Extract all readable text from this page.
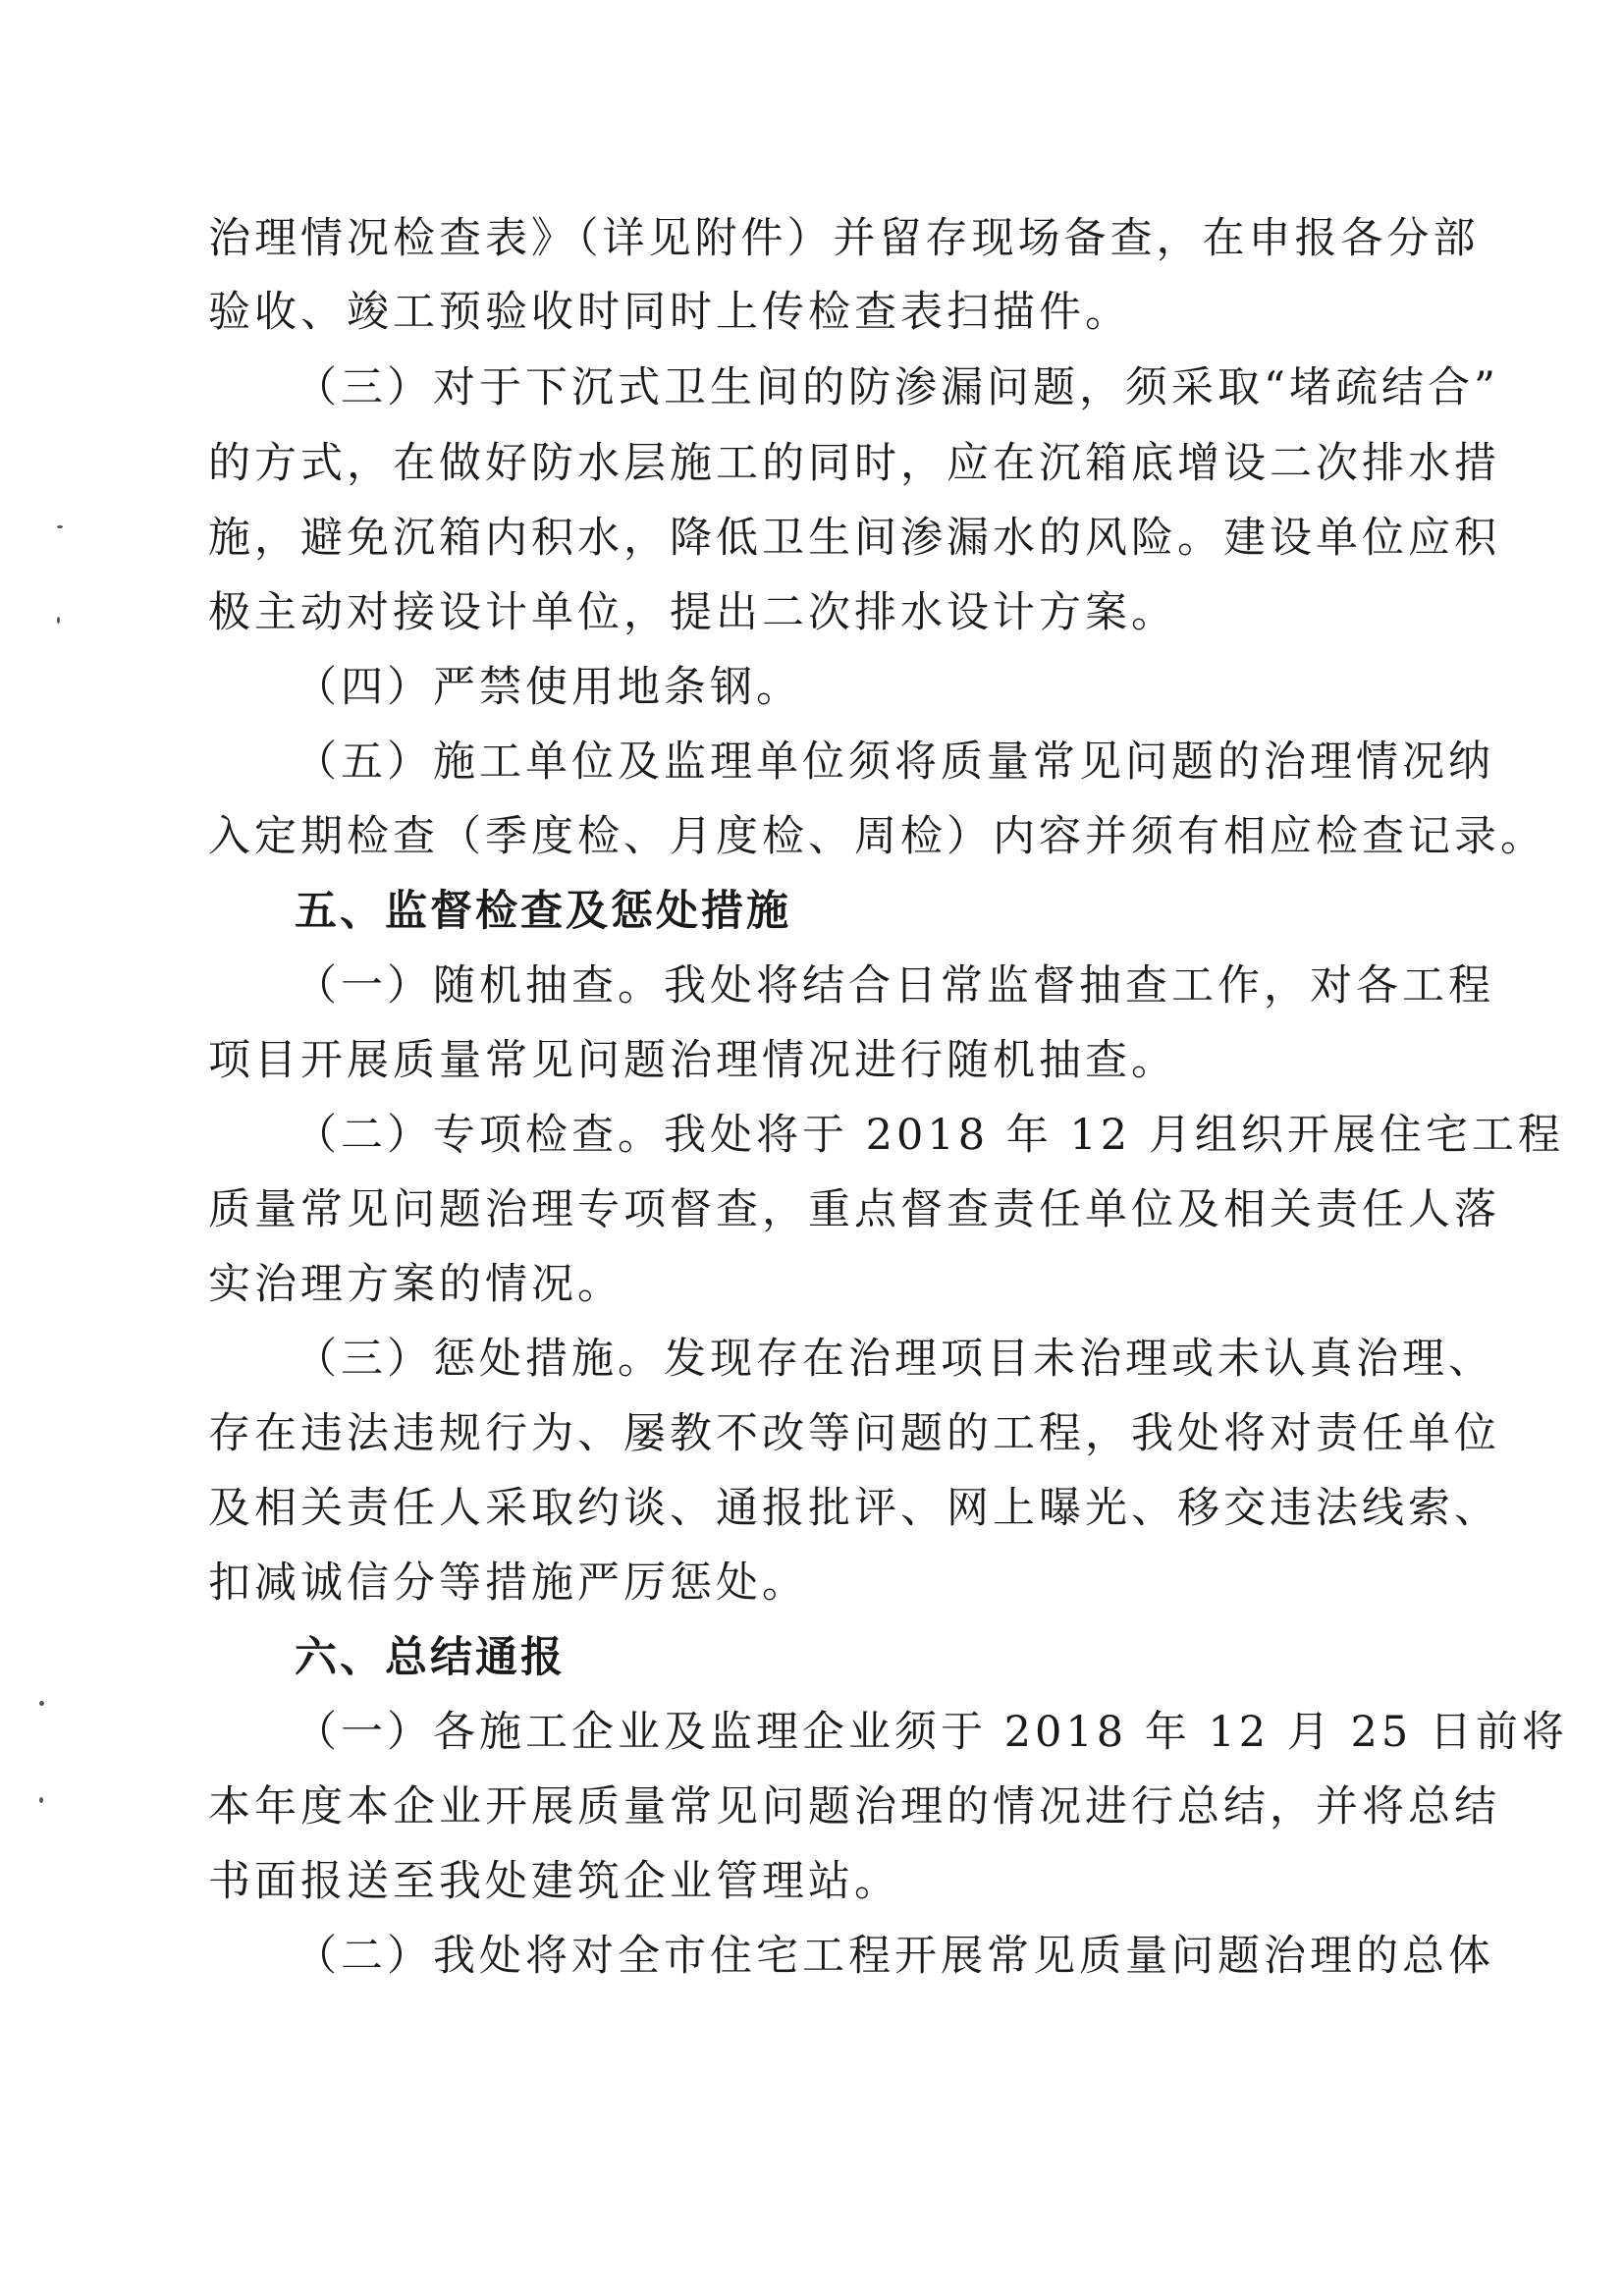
治理情况检查表》（详见附件）并留存现场备查，在申报各分部
验收、竣工预验收时同时上传检查表扫描件。
（三）对于下沉式卫生间的防渗漏问题，须采取“堵疏结合”
的方式，在做好防水层施工的同时，应在沉箱底增设二次排水措
施，避免沉箱内积水，降低卫生间渗漏水的风险。建设单位应积
极主动对接设计单位，提出二次排水设计方案。
（四）严禁使用地条钢。
（五）施工单位及监理单位须将质量常见问题的治理情况纳
入定期检查（季度检、月度检、周检）内容并须有相应检查记录。
五、监督检查及惩处措施
（一）随机抽查。我处将结合日常监督抽查工作，对各工程
项目开展质量常见问题治理情况进行随机抽查。
（二）专项检查。我处将于 2018 年 12 月组织开展住宅工程
质量常见问题治理专项督查，重点督查责任单位及相关责任人落
实治理方案的情况。
（三）惩处措施。发现存在治理项目未治理或未认真治理、
存在违法违规行为、屡教不改等问题的工程，我处将对责任单位
及相关责任人采取约谈、通报批评、网上曝光、移交违法线索、
扣减诚信分等措施严厉惩处。
六、总结通报
（一）各施工企业及监理企业须于 2018 年 12 月 25 日前将
本年度本企业开展质量常见问题治理的情况进行总结，并将总结
书面报送至我处建筑企业管理站。
（二）我处将对全市住宅工程开展常见质量问题治理的总体
